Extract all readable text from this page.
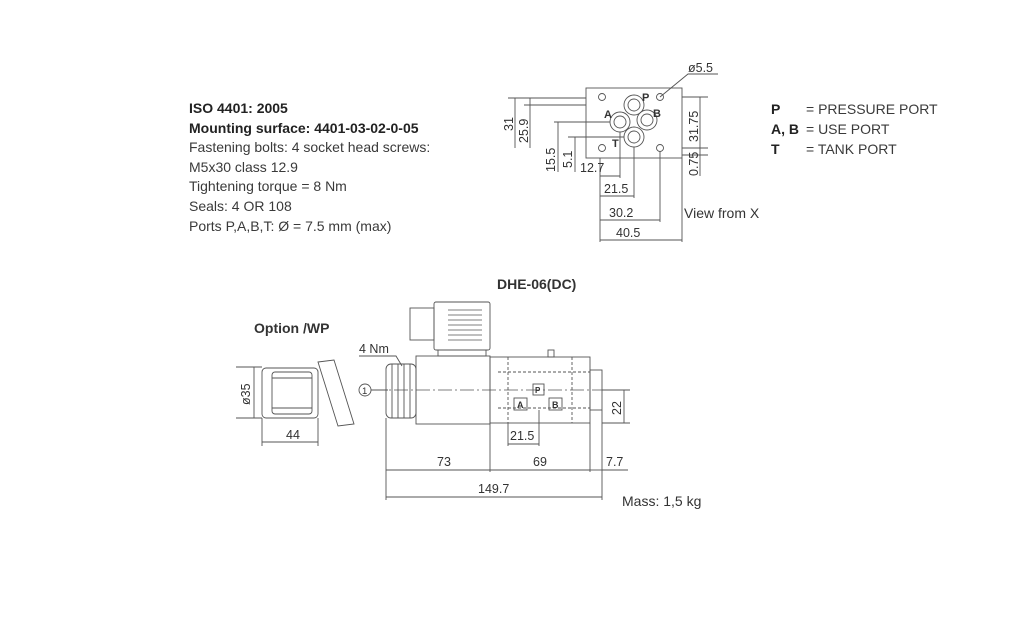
ISO 4401: 2005
Mounting surface: 4401-03-02-0-05
Fastening bolts: 4 socket head screws:
M5x30 class 12.9
Tightening torque = 8 Nm
Seals: 4 OR 108
Ports P,A,B,T: Ø = 7.5 mm (max)
P = PRESSURE PORT
A, B = USE PORT
T = TANK PORT
ø5.5
31 25.9
15.5 5.1 12.7
21.5
30.2
40.5
31.75
0.75
View from X
P
A	B
T
Option /WP
ø35
44
DHE-06(DC)
4 Nm
1
A	B
P
73	69	7.7
21.5
22
149.7
Mass: 1,5 kg
